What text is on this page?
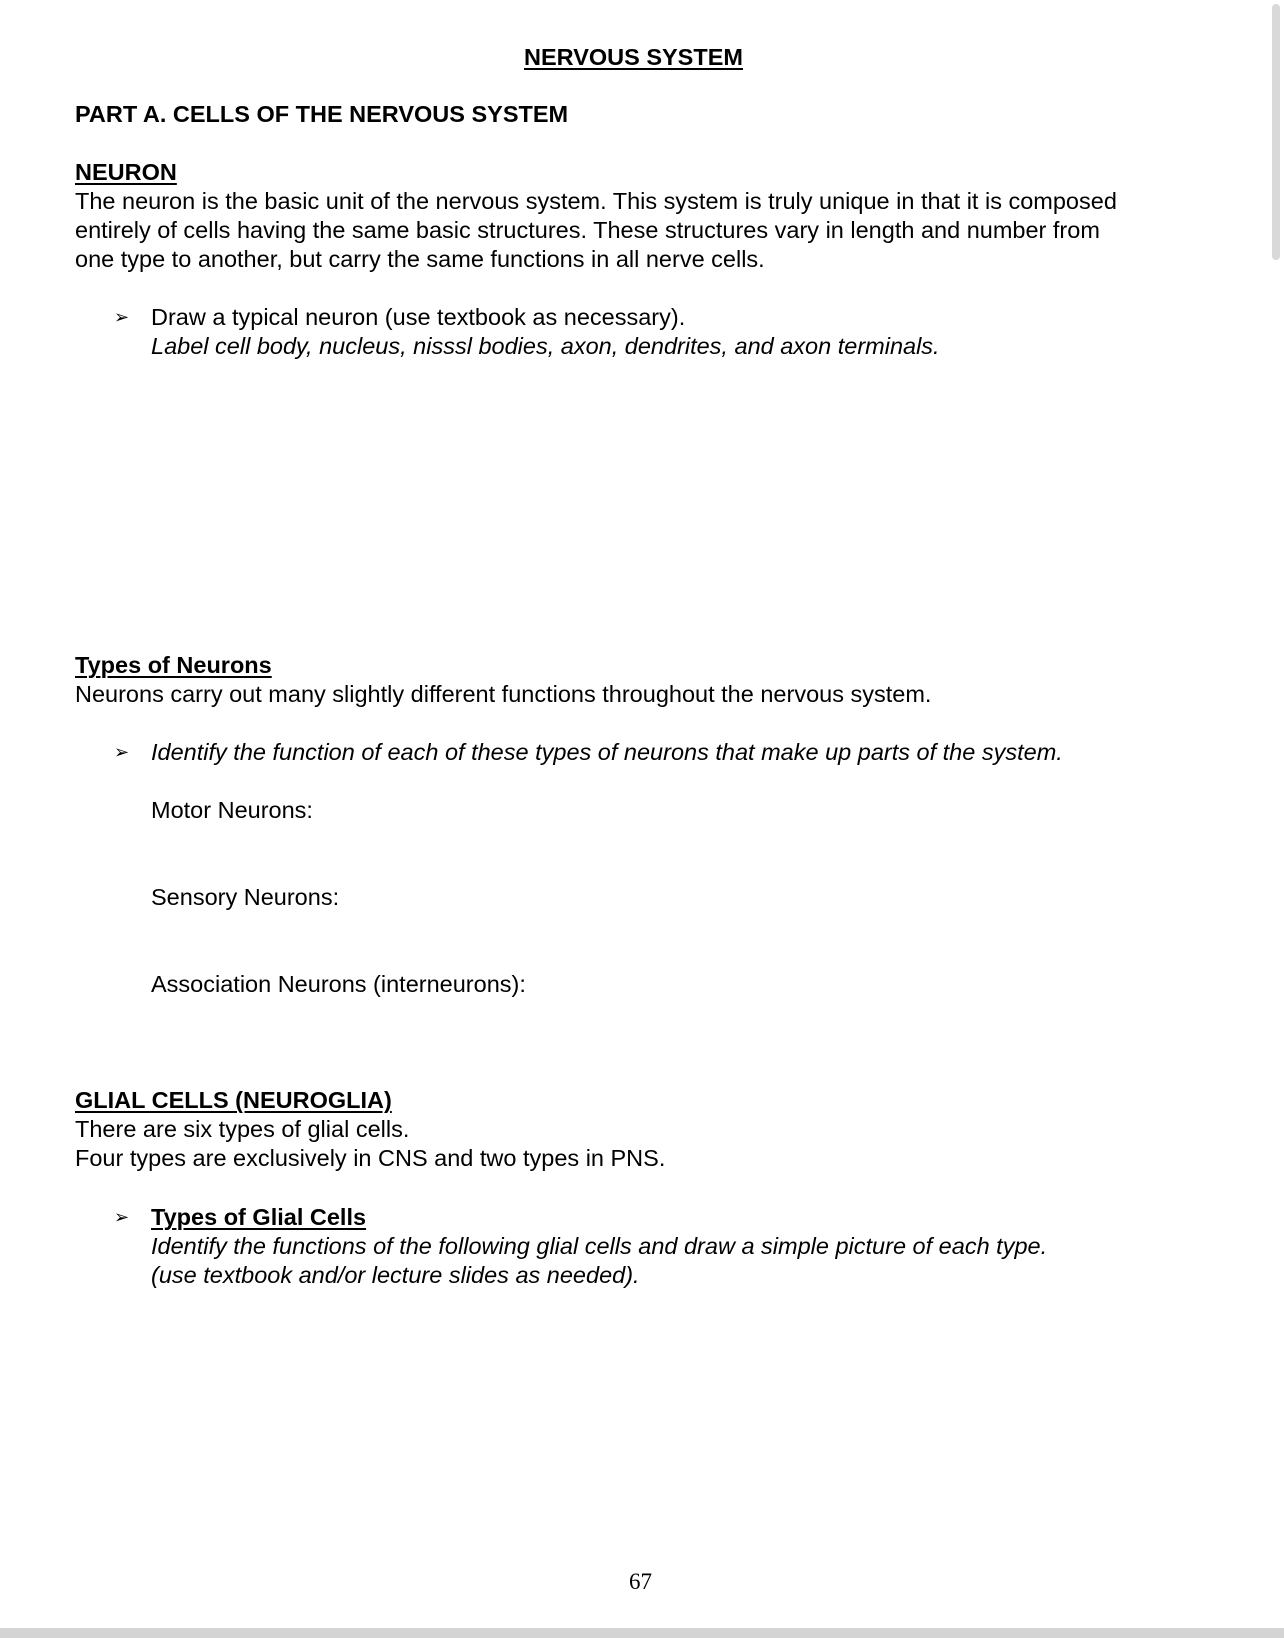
NERVOUS SYSTEM

PART A. CELLS OF THE NERVOUS SYSTEM

NEURON

The neuron is the basic unit of the nervous system. This system is truly unique in that it is composed

entirely of cells having the same basic structures. These structures vary in length and number from

one type to another, but carry the same functions in all nerve cells.

➢ Draw a typical neuron (use textbook as necessary).

Label cell body, nucleus, nisssl bodies, axon, dendrites, and axon terminals.

Types of Neurons

Neurons carry out many slightly different functions throughout the nervous system.

➢ Identify the function of each of these types of neurons that make up parts of the system.

Motor Neurons:

Sensory Neurons:

Association Neurons (interneurons):

GLIAL CELLS (NEUROGLIA)

There are six types of glial cells.

Four types are exclusively in CNS and two types in PNS.

➢ Types of Glial Cells

Identify the functions of the following glial cells and draw a simple picture of each type.

(use textbook and/or lecture slides as needed).

67
